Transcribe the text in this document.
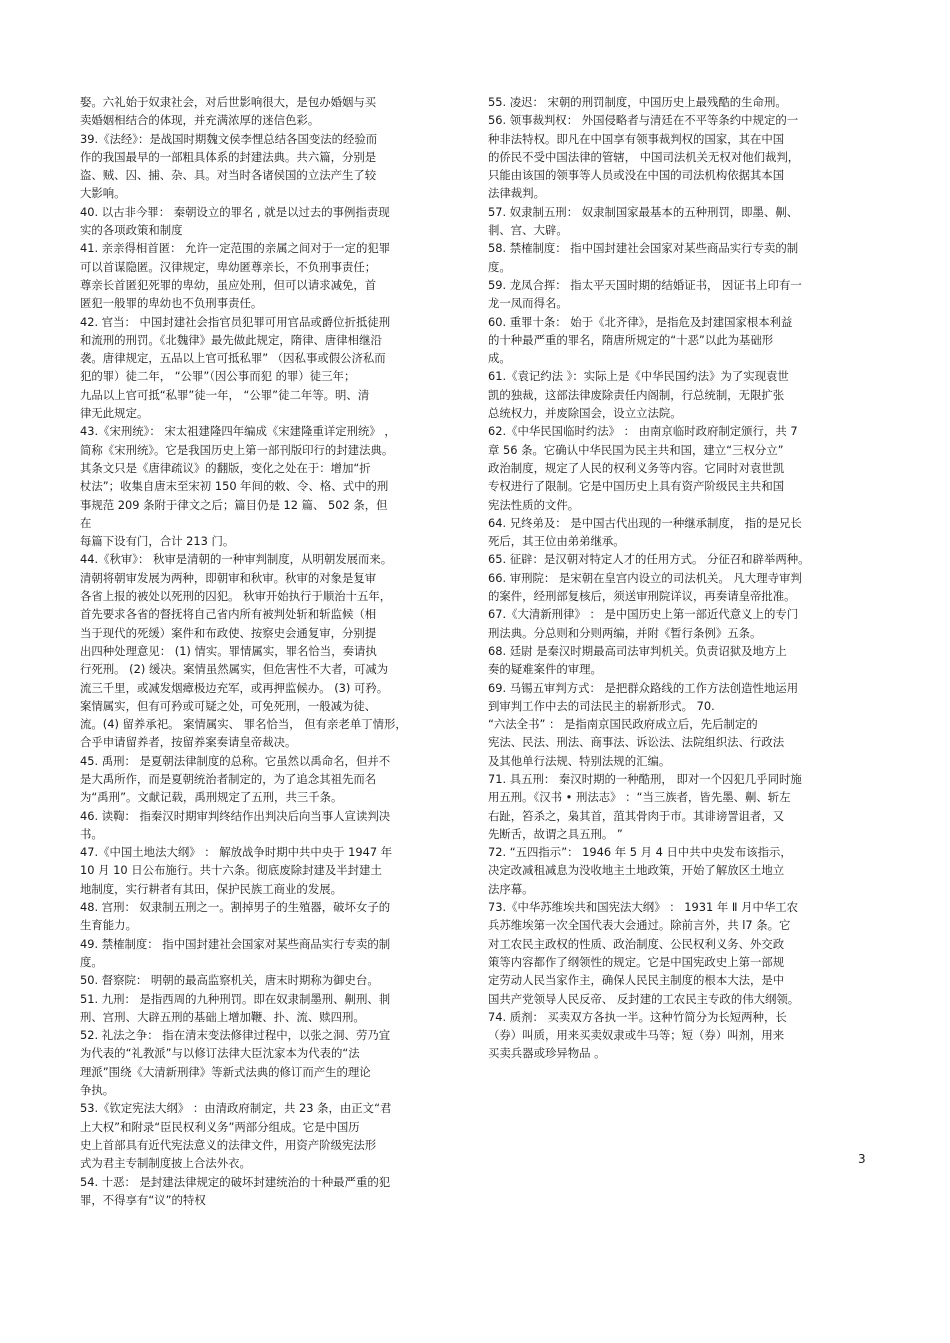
娶。六礼始于奴隶社会，对后世影响很大，是包办婚姻与买
卖婚姻相结合的体现，并充满浓厚的迷信色彩。
39.《法经》：是战国时期魏文侯李悝总结各国变法的经验而
作的我国最早的一部粗具体系的封建法典。共六篇，分别是
盗、贼、囚、捕、杂、具。对当时各诸侯国的立法产生了较
大影响。
40. 以古非今罪： 秦朝设立的罪名 , 就是以过去的事例指责现
实的各项政策和制度
41. 亲亲得相首匿： 允许一定范围的亲属之间对于一定的犯罪
可以首谋隐匿。汉律规定，卑幼匿尊亲长，不负刑事责任；
尊亲长首匿犯死罪的卑幼，虽应处刑，但可以请求减免，首
匿犯一般罪的卑幼也不负刑事责任。
42. 官当： 中国封建社会指官员犯罪可用官品或爵位折抵徒刑
和流刑的刑罚。《北魏律》最先做此规定，隋律、唐律相继沿
袭。唐律规定，五品以上官可抵私罪” （因私事或假公济私而
犯的罪）徒二年， “公罪”（因公事而犯 的罪）徒三年；
九品以上官可抵“私罪”徒一年， “公罪”徒二年等。明、清
律无此规定。
43.《宋刑统》： 宋太祖建隆四年编成《宋建隆重详定刑统》 ，
简称《宋刑统》。它是我国历史上第一部刊版印行的封建法典。
其条文只是《唐律疏议》的翻版，变化之处在于：增加“折
杖法”；收集自唐末至宋初 150 年间的敕、令、格、式中的刑
事规范 209 条附于律文之后；篇目仍是 12 篇、 502 条，但
在
每篇下设有门，合计 213 门。
44.《秋审》： 秋审是清朝的一种审判制度，从明朝发展而来。
清朝将朝审发展为两种，即朝审和秋审。秋审的对象是复审
各省上报的被处以死刑的囚犯。 秋审开始执行于顺治十五年，
首先要求各省的督抚将自己省内所有被判处斩和斩监候（相
当于现代的死缓）案件和布政使、按察史会通复审，分别提
出四种处理意见： (1) 情实。罪情属实，罪名恰当，奏请执
行死刑。 (2) 缓决。案情虽然属实，但危害性不大者，可减为
流三千里，或减发烟瘴极边充军，或再押监候办。 (3) 可矜。
案情属实，但有可矜或可疑之处，可免死刑，一般减为徒、
流。(4) 留养承祀。 案情属实、 罪名恰当， 但有亲老单丁情形，
合乎申请留养者，按留养案奏请皇帝裁决。
45. 禹刑： 是夏朝法律制度的总称。它虽然以禹命名，但并不
是大禹所作，而是夏朝统治者制定的，为了追念其祖先而名
为“禹刑”。文献记载，禹刑规定了五刑，共三千条。
46. 读鞫： 指秦汉时期审判终结作出判决后向当事人宣读判决
书。
47.《中国土地法大纲》 ： 解放战争时期中共中央于 1947 年
10 月 10 日公布施行。共十六条。彻底废除封建及半封建土
地制度，实行耕者有其田，保护民族工商业的发展。
48. 宫刑： 奴隶制五刑之一。割掉男子的生殖器，破坏女子的
生育能力。
49. 禁榷制度： 指中国封建社会国家对某些商品实行专卖的制
度。
50. 督察院： 明朝的最高监察机关，唐末时期称为御史台。
51. 九刑： 是指西周的九种刑罚。即在奴隶制墨刑、劓刑、剕
刑、宫刑、大辟五刑的基础上增加鞭、扑、流、赎四刑。
52. 礼法之争： 指在清末变法修律过程中，以张之洞、劳乃宜
为代表的“礼教派”与以修订法律大臣沈家本为代表的“法
理派”围绕《大清新刑律》等新式法典的修订而产生的理论
争执。
53.《钦定宪法大纲》 ：由清政府制定，共 23 条，由正文“君
上大权”和附录“臣民权利义务”两部分组成。它是中国历
史上首部具有近代宪法意义的法律文件，用资产阶级宪法形
式为君主专制制度披上合法外衣。
54. 十恶： 是封建法律规定的破坏封建统治的十种最严重的犯
罪，不得享有“议”的特权
55. 凌迟： 宋朝的刑罚制度，中国历史上最残酷的生命刑。
56. 领事裁判权： 外国侵略者与清廷在不平等条约中规定的一
种非法特权。即凡在中国享有领事裁判权的国家，其在中国
的侨民不受中国法律的管辖， 中国司法机关无权对他们裁判，
只能由该国的领事等人员或没在中国的司法机构依据其本国
法律裁判。
57. 奴隶制五刑： 奴隶制国家最基本的五种刑罚，即墨、劓、
剕、宫、大辟。
58. 禁榷制度： 指中国封建社会国家对某些商品实行专卖的制
度。
59. 龙凤合挥： 指太平天国时期的结婚证书， 因证书上印有一
龙一凤而得名。
60. 重罪十条： 始于《北齐律》，是指危及封建国家根本利益
的十种最严重的罪名，隋唐所规定的“十恶”以此为基础形
成。
61.《袁记约法 》：实际上是《中华民国约法》为了实现袁世
凯的独裁，这部法律废除责任内阁制，行总统制，无限扩张
总统权力，并废除国会，设立立法院。
62.《中华民国临时约法》 ： 由南京临时政府制定颁行，共 7
章 56 条。它确认中华民国为民主共和国，建立“三权分立”
政治制度，规定了人民的权利义务等内容。它同时对袁世凯
专权进行了限制。它是中国历史上具有资产阶级民主共和国
宪法性质的文件。
64. 兄终弟及： 是中国古代出现的一种继承制度， 指的是兄长
死后，其王位由弟弟继承。
65. 征辟：是汉朝对特定人才的任用方式。 分征召和辟举两种。
66. 审刑院： 是宋朝在皇宫内设立的司法机关。 凡大理寺审判
的案件，经刑部复核后，须送审刑院详议，再奏请皇帝批准。
67.《大清新刑律》 ： 是中国历史上第一部近代意义上的专门
刑法典。分总则和分则两编，并附《暂行条例》五条。
68. 廷尉 是秦汉时期最高司法审判机关。负责诏狱及地方上
奏的疑难案件的审理。
69. 马锡五审判方式： 是把群众路线的工作方法创造性地运用
到审判工作中去的司法民主的崭新形式。 70.
“六法全书” ： 是指南京国民政府成立后，先后制定的
宪法、民法、刑法、商事法、诉讼法、法院组织法、行政法
及其他单行法规、特别法规的汇编。
71. 具五刑： 秦汉时期的一种酷刑， 即对一个囚犯几乎同时施
用五刑。《汉书 • 刑法志》 ：“当三族者，皆先墨、劓、斩左
右趾，笞杀之，枭其首，菹其骨肉于市。其诽谤詈诅者，又
先断舌，故谓之具五刑。 ”
72. “五四指示”： 1946 年 5 月 4 日中共中央发布该指示，
决定改减租减息为没收地主土地政策，开始了解放区土地立
法序幕。
73.《中华苏维埃共和国宪法大纲》 ： 1931 年 Ⅱ 月中华工农
兵苏维埃第一次全国代表大会通过。除前言外，共 l7 条。它
对工农民主政权的性质、政治制度、公民权利义务、外交政
策等内容都作了纲领性的规定。它是中国宪政史上第一部规
定劳动人民当家作主，确保人民民主制度的根本大法，是中
国共产党领导人民反帝、 反封建的工农民主专政的伟大纲领。
74. 质剂： 买卖双方各执一半。这种竹简分为长短两种，长
（券）叫质，用来买卖奴隶或牛马等；短（券）叫剂，用来
买卖兵器或珍异物品 。
3
